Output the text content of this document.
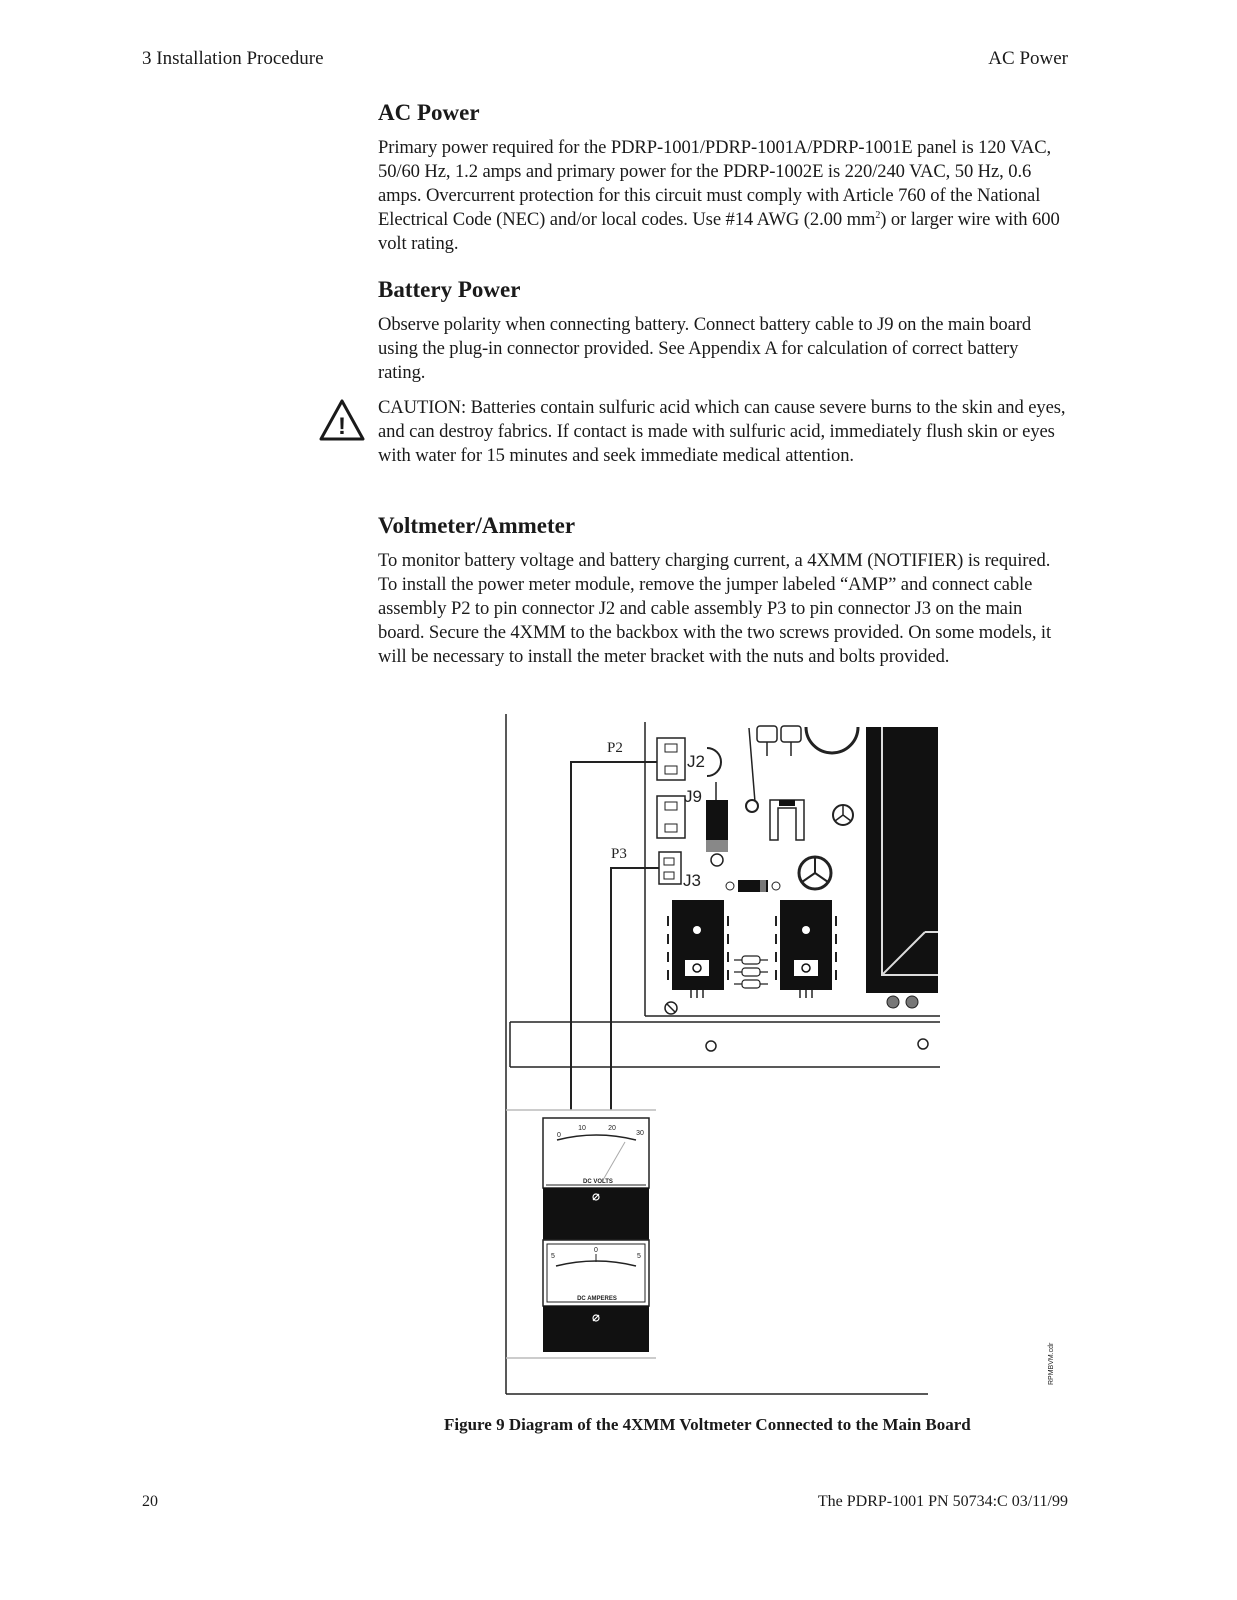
3 Installation Procedure	AC Power
AC Power

Primary power required for the PDRP-1001/PDRP-1001A/PDRP-1001E panel is 120 VAC, 50/60 Hz, 1.2 amps and primary power for the PDRP-1002E is 220/240 VAC, 50 Hz, 0.6 amps. Overcurrent protection for this circuit must comply with Article 760 of the National Electrical Code (NEC) and/or local codes. Use #14 AWG (2.00 $mm^2$) or larger wire with 600 volt rating.

Battery Power

Observe polarity when connecting battery. Connect battery cable to J9 on the main board using the plug-in connector provided. See Appendix A for calculation of correct battery rating.

!

CAUTION: Batteries contain sulfuric acid which can cause severe burns to the skin and eyes, and can destroy fabrics. If contact is made with sulfuric acid, immediately flush skin or eyes with water for 15 minutes and seek immediate medical attention.

Voltmeter/Ammeter

To monitor battery voltage and battery charging current, a 4XMM (NOTIFIER) is required. To install the power meter module, remove the jumper labeled “AMP” and connect cable assembly P2 to pin connector J2 and cable assembly P3 to pin connector J3 on the main board. Secure the 4XMM to the backbox with the two screws provided. On some models, it will be necessary to install the meter bracket with the nuts and bolts provided.

0
10	20
30
DC VOLTS
5
0
5
DC AMPERES
P2
P3
J2
J9
J3
RPMBVM.cdr
Figure 9 Diagram of the 4XMM Voltmeter Connected to the Main Board
20	The PDRP-1001 PN 50734:C 03/11/99
